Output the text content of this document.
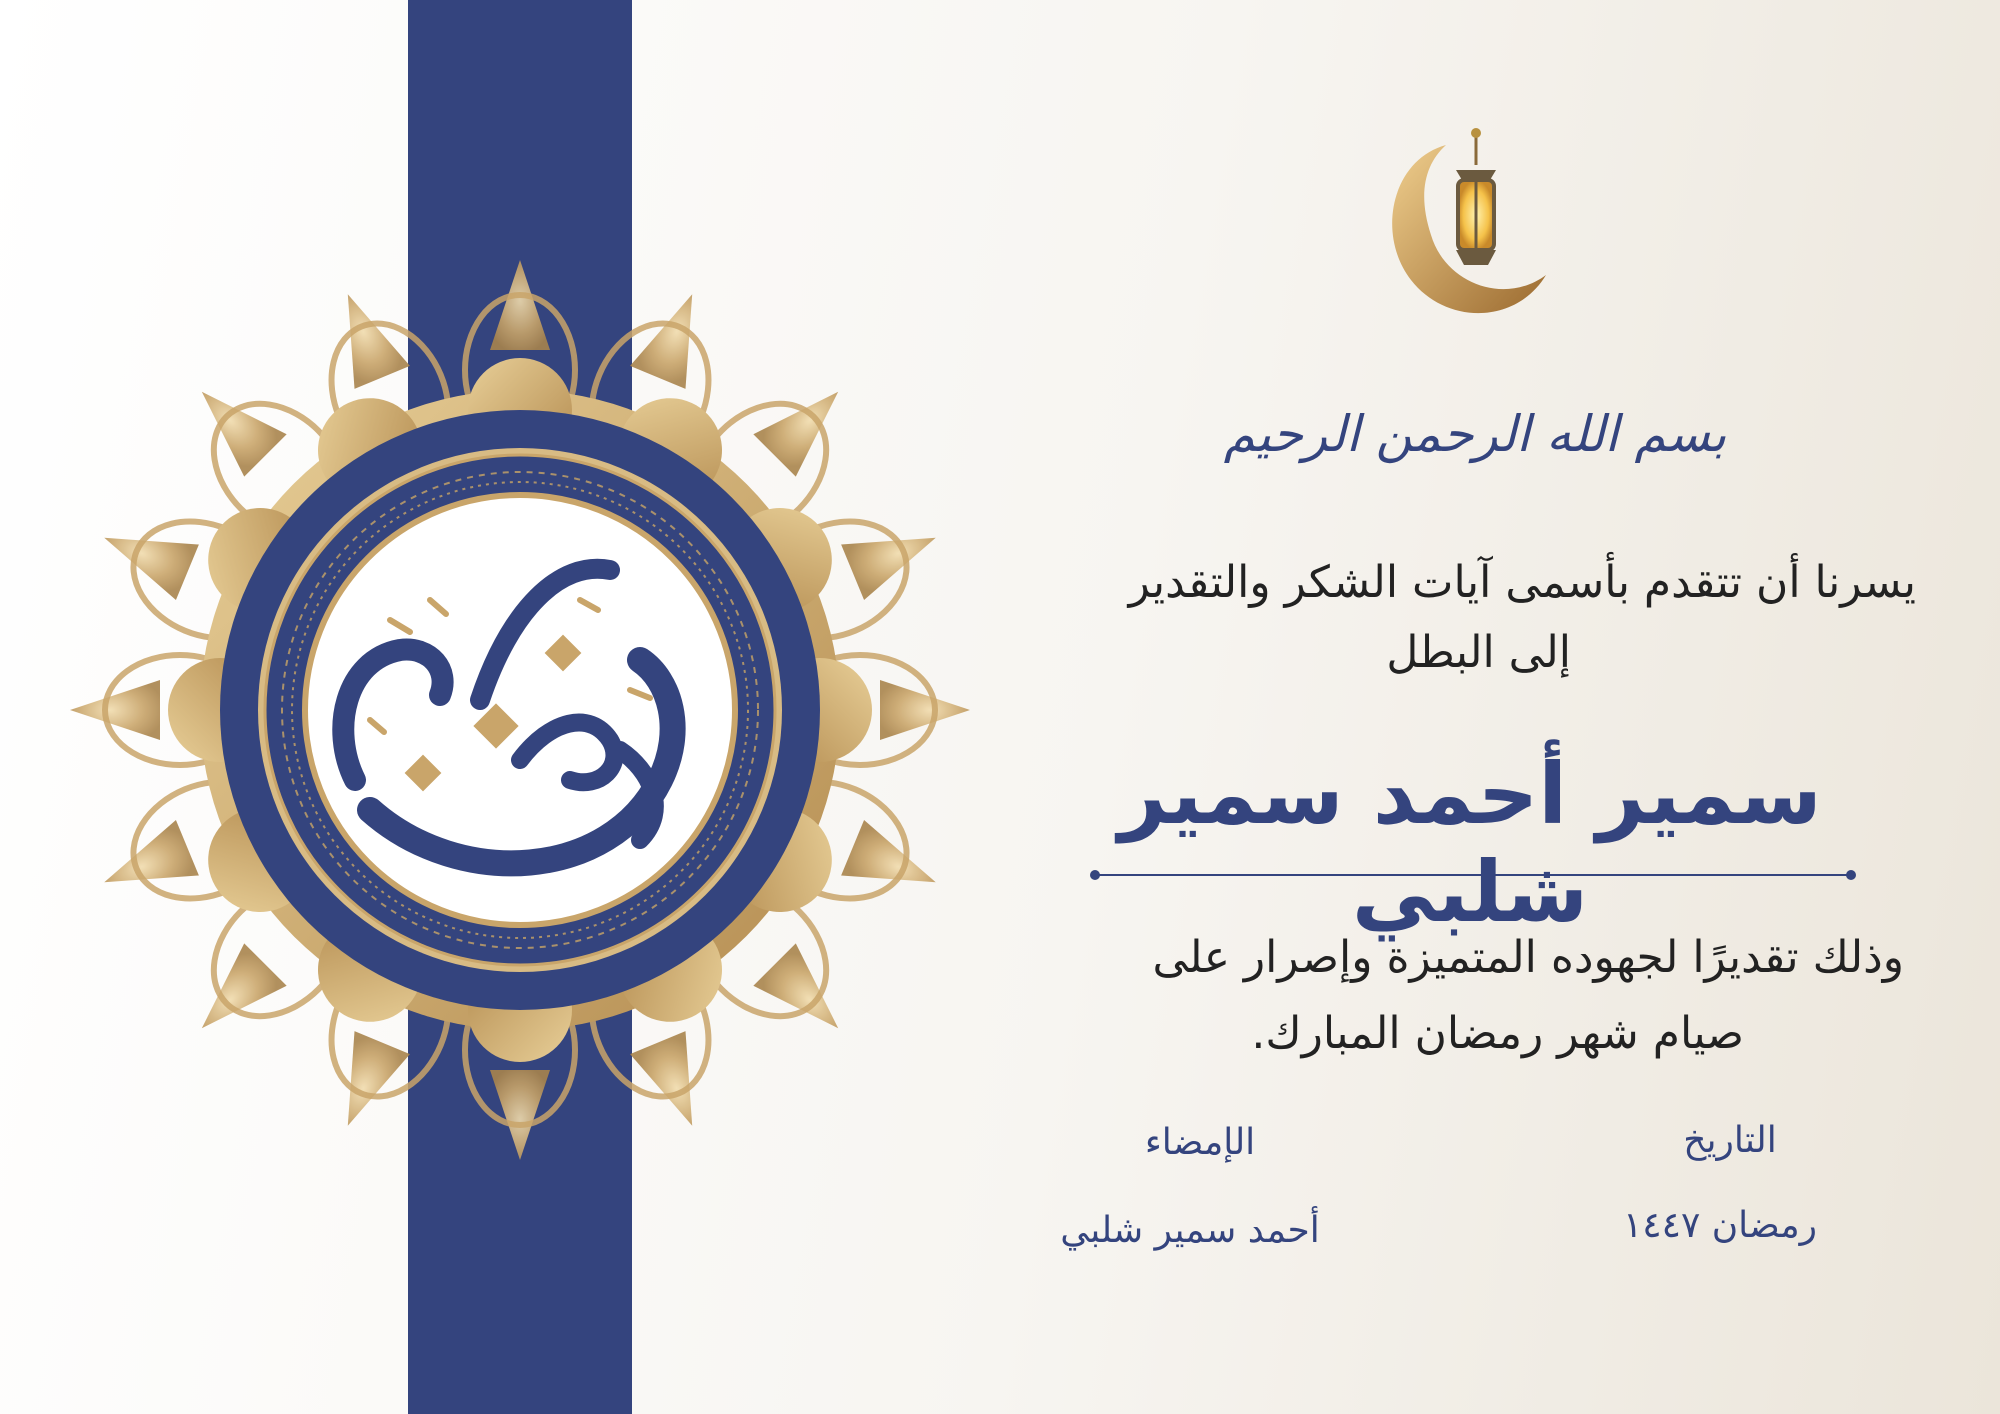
بسم الله الرحمن الرحيم
يسرنا أن تتقدم بأسمى آيات الشكر والتقدير
إلى البطل
سمير أحمد سمير شلبي
وذلك تقديرًا لجهوده المتميزة وإصرار على
صيام شهر رمضان المبارك.
التاريخ
الإمضاء
رمضان ١٤٤٧
أحمد سمير شلبي
